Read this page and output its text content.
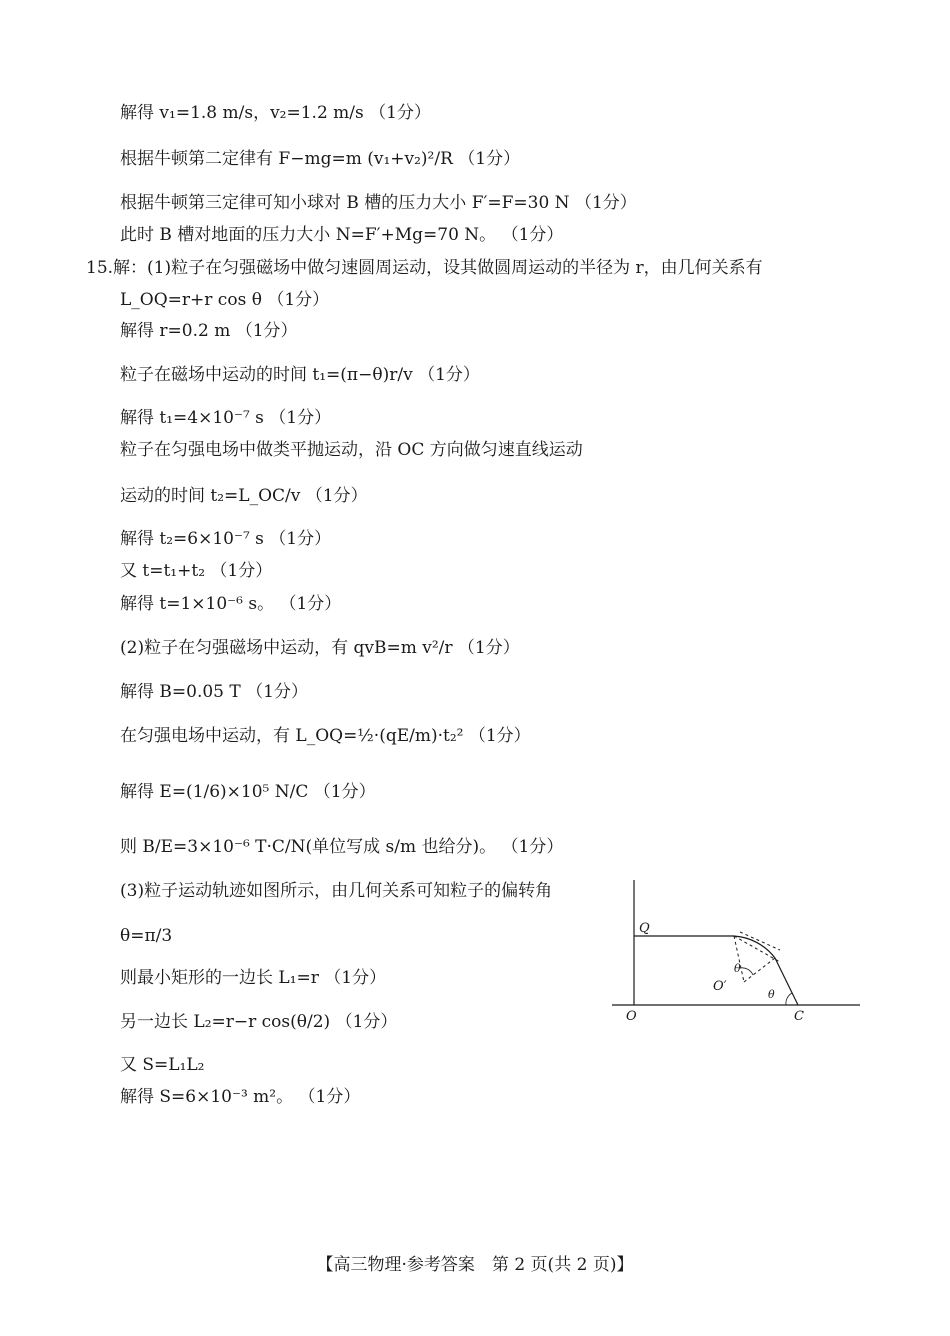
解得 v₁=1.8 m/s，v₂=1.2 m/s （1分）
根据牛顿第二定律有 F−mg=m (v₁+v₂)²/R （1分）
根据牛顿第三定律可知小球对 B 槽的压力大小 F′=F=30 N （1分）
此时 B 槽对地面的压力大小 N=F′+Mg=70 N。 （1分）
15.解：(1)粒子在匀强磁场中做匀速圆周运动，设其做圆周运动的半径为 r，由几何关系有
L_OQ=r+r cos θ （1分）
解得 r=0.2 m （1分）
粒子在磁场中运动的时间 t₁=(π−θ)r/v （1分）
解得 t₁=4×10⁻⁷ s （1分）
粒子在匀强电场中做类平抛运动，沿 OC 方向做匀速直线运动
运动的时间 t₂=L_OC/v （1分）
解得 t₂=6×10⁻⁷ s （1分）
又 t=t₁+t₂ （1分）
解得 t=1×10⁻⁶ s。 （1分）
(2)粒子在匀强磁场中运动，有 qvB=m v²/r （1分）
解得 B=0.05 T （1分）
在匀强电场中运动，有 L_OQ=½·(qE/m)·t₂² （1分）
解得 E=(1/6)×10⁵ N/C （1分）
则 B/E=3×10⁻⁶ T·C/N(单位写成 s/m 也给分)。 （1分）
(3)粒子运动轨迹如图所示，由几何关系可知粒子的偏转角
θ=π/3
则最小矩形的一边长 L₁=r （1分）
另一边长 L₂=r−r cos(θ/2) （1分）
又 S=L₁L₂
解得 S=6×10⁻³ m²。 （1分）
Q
O
O′
C
θ
θ
【高三物理·参考答案　第 2 页(共 2 页)】
